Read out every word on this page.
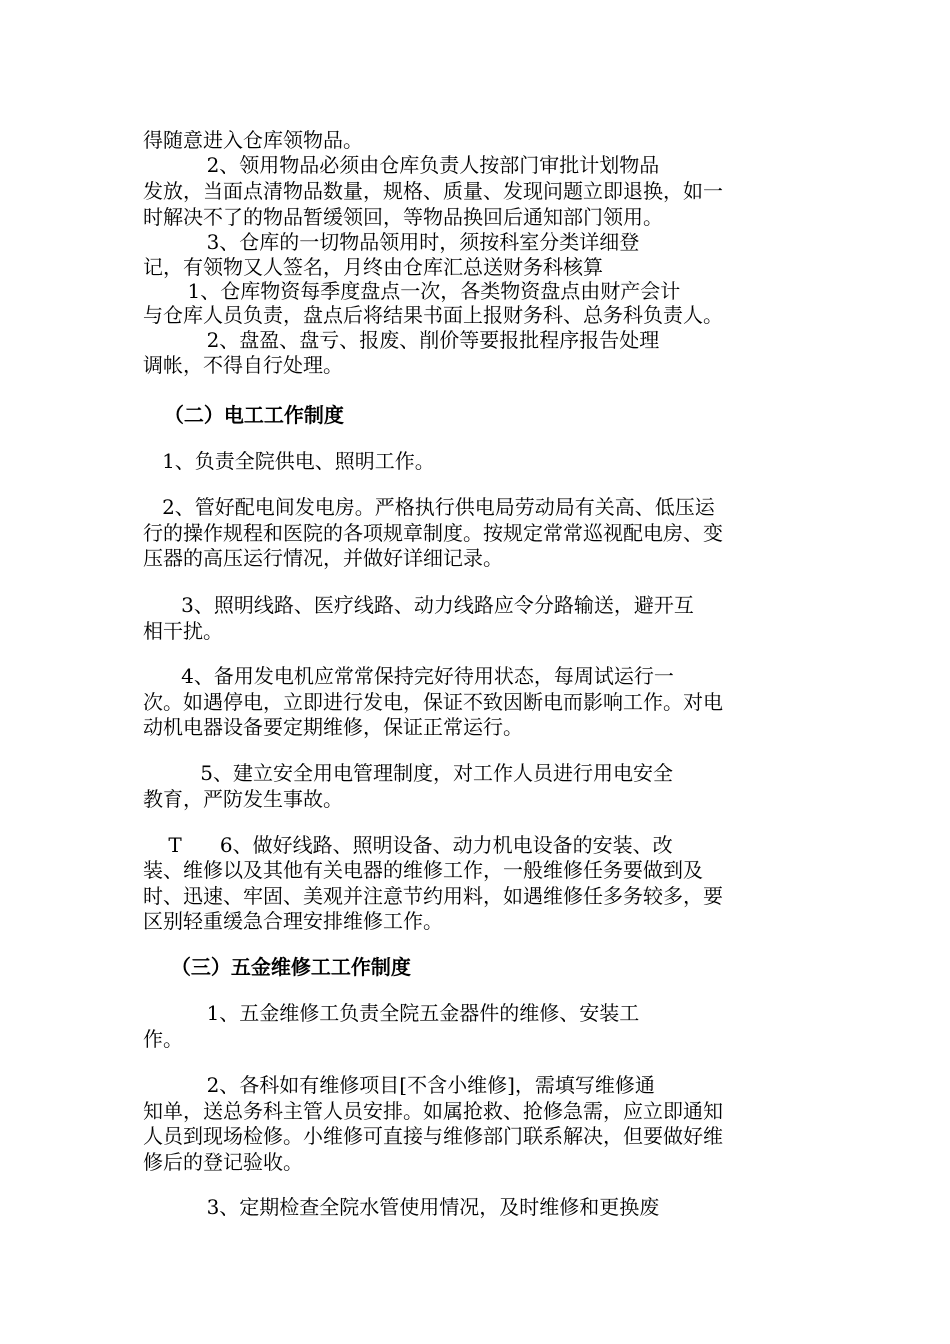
得随意进入仓库领物品。
2、领用物品必须由仓库负责人按部门审批计划物品
发放，当面点清物品数量，规格、质量、发现问题立即退换，如一
时解决不了的物品暂缓领回，等物品换回后通知部门领用。
3、仓库的一切物品领用时，须按科室分类详细登
记，有领物又人签名，月终由仓库汇总送财务科核算
1、仓库物资每季度盘点一次，各类物资盘点由财产会计
与仓库人员负责，盘点后将结果书面上报财务科、总务科负责人。
2、盘盈、盘亏、报废、削价等要报批程序报告处理
调帐，不得自行处理。
（二）电工工作制度
1、负责全院供电、照明工作。
2、管好配电间发电房。严格执行供电局劳动局有关高、低压运
行的操作规程和医院的各项规章制度。按规定常常巡视配电房、变
压器的高压运行情况，并做好详细记录。
3、照明线路、医疗线路、动力线路应令分路输送，避开互
相干扰。
4、备用发电机应常常保持完好待用状态，每周试运行一
次。如遇停电，立即进行发电，保证不致因断电而影响工作。对电
动机电器设备要定期维修，保证正常运行。
5、建立安全用电管理制度，对工作人员进行用电安全
教育，严防发生事故。
T      6、做好线路、照明设备、动力机电设备的安装、改
装、维修以及其他有关电器的维修工作，一般维修任务要做到及
时、迅速、牢固、美观并注意节约用料，如遇维修任多务较多，要
区别轻重缓急合理安排维修工作。
（三）五金维修工工作制度
1、五金维修工负责全院五金器件的维修、安装工
作。
2、各科如有维修项目[不含小维修]，需填写维修通
知单，送总务科主管人员安排。如属抢救、抢修急需，应立即通知
人员到现场检修。小维修可直接与维修部门联系解决，但要做好维
修后的登记验收。
3、定期检查全院水管使用情况，及时维修和更换废
